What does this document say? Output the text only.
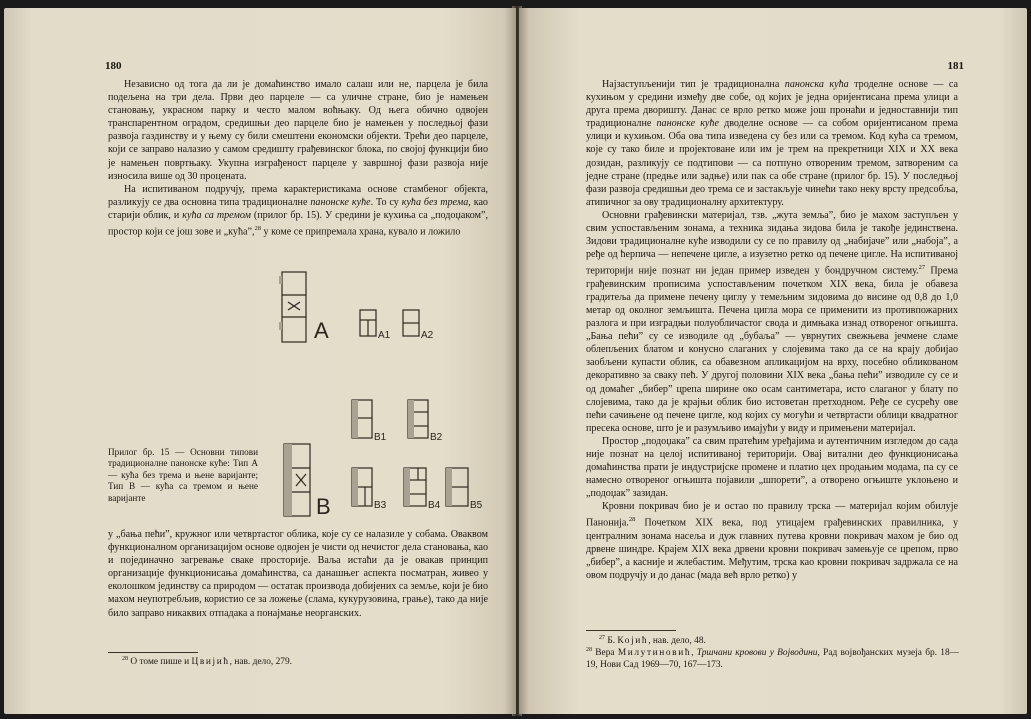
180

Независно од тога да ли је домаћинство имало салаш или не, парцела је била подељена на три дела. Први део парцеле — са уличне стране, био је намењен становању, украсном парку и често малом воћњаку. Од њега обично одвојен транспарентном оградом, средишњи део парцеле био је намењен у последњој фази развоја газдинству и у њему су били смештени економски објекти. Трећи део парцеле, који се заправо налазио у самом средишту грађевинског блока, по својој функцији био је намењен повртњаку. Укупна изграђеност парцеле у завршној фази развоја није износила више од 30 процената.

На испитиваном подручју, према карактеристикама основе стамбеног објекта, разликују се два основна типа традиционалне панонске куће. То су кућа без трема, као старији облик, и кућа са тремом (прилог бр. 15). У средини је кухиња са „подоџаком”, простор који се још зове и „кућа”,$^{28}$ у коме се припремала храна, кувало и ложило

A	A1	A2
B
B1	B2
B3	B4	B5
Прилог бр. 15 — Основни типови традиционалне панонске куће: Тип А — кућа без трема и њене варијанте; Тип В — кућа са тремом и њене варијанте

у „бања пећи”, кружног или четвртастог облика, које су се налазиле у собама. Оваквом функционалном организацијом основе одвојен је чисти од нечистог дела становања, као и појединачно загревање сваке просторије. Ваља истаћи да је овакав принцип организације функционисања домаћинства, са данашњег аспекта посматран, живео у еколошком јединству са природом — остатак производа добијених са земље, који је био махом неупотребљив, користио се за ложење (слама, кукурузовина, грање), тако да није било заправо никаквих отпадака а понајмање неорганских.

$^{28}$ О томе пише и Цвијић, нав. дело, 279.

181

Најзаступљенији тип је традиционална панонска кућа троделне основе — са кухињом у средини између две собе, од којих је једна оријентисана према улици а друга према дворишту. Данас се врло ретко може још пронаћи и једноставнији тип традиционалне панонске куће дводелне основе — са собом оријентисаном према улици и кухињом. Оба ова типа изведена су без или са тремом. Код кућа са тремом, које су тако биле и пројектоване или им је трем на прекретници XIX и XX века дозидан, разликују се подтипови — са потпуно отвореним тремом, затвореним са једне стране (предње или задње) или пак са обе стране (прилог бр. 15). У последњој фази развоја средишњи део трема се и застакљује чинећи тако неку врсту предсобља, атипичног за ову традиционалну архитектуру.

Основни грађевински материјал, тзв. „жута земља”, био је махом заступљен у свим успостављеним зонама, а техника зидања зидова била је такође јединствена. Зидови традиционалне куће изводили су се по правилу од „набијаче” или „набоја”, а ређе од ћерпича — непечене цигле, а изузетно ретко од печене цигле. На испитиваној територији није познат ни један пример изведен у бондручном систему.$^{27}$ Према грађевинским прописима успостављеним почетком XIX века, била је обавеза градитеља да примене печену циглу у темељним зидовима до висине од 0,8 до 1,0 метар од околног земљишта. Печена цигла мора се применити из противпожарних разлога и при изградњи полуобличастог свода и димњака изнад отвореног огњишта. „Бања пећи” су се изводиле од „бубаља” — уврнутих свежњева јечмене сламе облепљених блатом и конусно слаганих у слојевима тако да се на крају добијао заобљени купасти облик, са обавезном апликацијом на врху, посебно обликованом декоративно за сваку пећ. У другој половини XIX века „бања пећи” изводиле су се и од домаћег „бибер” црепа ширине око осам сантиметара, исто слаганог у блату по слојевима, тако да је крајњи облик био истоветан претходном. Ређе се сусрећу ове пећи сачињене од печене цигле, код којих су могући и четвртасти облици квадратног пресека основе, што је и разумљиво имајући у виду и примењени материјал.

Простор „подоџака” са свим пратећим уређајима и аутентичним изгледом до сада није познат на целој испитиваној територији. Овај витални део функционисања домаћинства прати је индустријске промене и платио цех продањим модама, па су се намесно отвореног огњишта појавили „шпорети”, а отворено огњиште уклоњено и „подоџак” зазидан.

Кровни покривач био је и остао по правилу трска — материјал којим обилује Панонија.$^{28}$ Почетком XIX века, под утицајем грађевинских правилника, у централним зонама насеља и дуж главних путева кровни покривач махом је био од дрвене шиндре. Крајем XIX века дрвени кровни покривач замењује се црепом, прво „бибер”, а касније и жлебастим. Међутим, трска као кровни покривач задржала се на овом подручју и до данас (мада већ врло ретко) у

$^{27}$ Б. Којић, нав. дело, 48.

$^{28}$ Вера Милутиновић, Тршчани кровови у Војводини, Рад војвођанских музеја бр. 18—19, Нови Сад 1969—70, 167—173.
